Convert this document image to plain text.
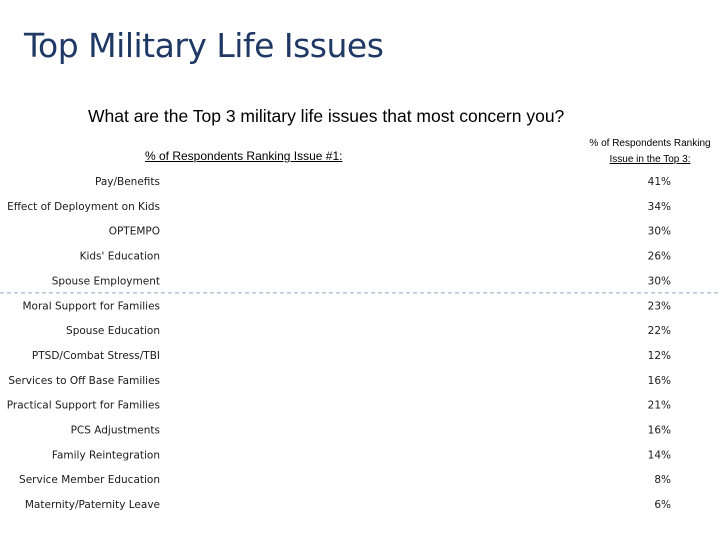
Top Military Life Issues
What are the Top 3 military life issues that most concern you?
% of Respondents Ranking Issue #1:
% of Respondents Ranking
Issue in the Top 3:
Pay/Benefits	41%
Effect of Deployment on Kids	34%
OPTEMPO	30%
Kids' Education	26%
Spouse Employment	30%
Moral Support for Families	23%
Spouse Education	22%
PTSD/Combat Stress/TBI	12%
Services to Off Base Families	16%
Practical Support for Families	21%
PCS Adjustments	16%
Family Reintegration	14%
Service Member Education	8%
Maternity/Paternity Leave	6%
